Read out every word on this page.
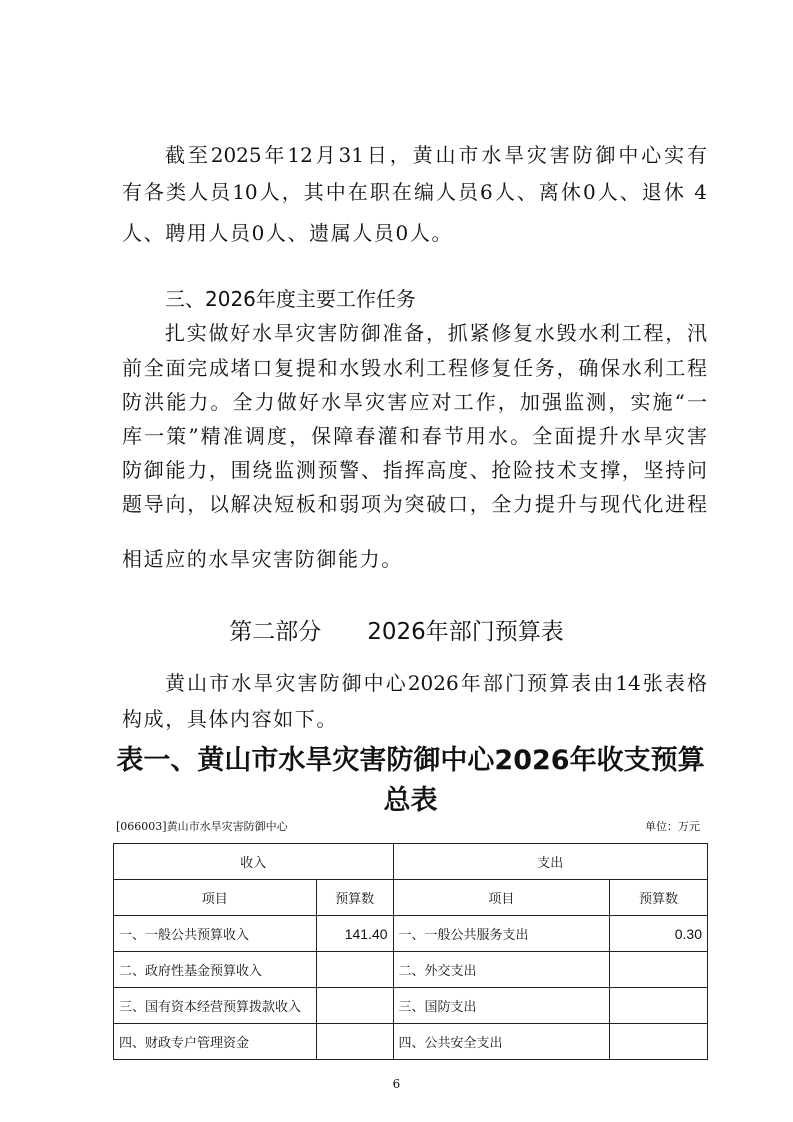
截至2025年12月31日，黄山市水旱灾害防御中心实有
有各类人员10人，其中在职在编人员6人、离休0人、退休 4
人、聘用人员0人、遗属人员0人。
三、2026年度主要工作任务
扎实做好水旱灾害防御准备，抓紧修复水毁水利工程，汛
前全面完成堵口复提和水毁水利工程修复任务，确保水利工程
防洪能力。全力做好水旱灾害应对工作，加强监测，实施“一
库一策”精准调度，保障春灌和春节用水。全面提升水旱灾害
防御能力，围绕监测预警、指挥高度、抢险技术支撑，坚持问
题导向，以解决短板和弱项为突破口，全力提升与现代化进程
相适应的水旱灾害防御能力。
第二部分　　2026年部门预算表
黄山市水旱灾害防御中心2026年部门预算表由14张表格
构成，具体内容如下。
表一、黄山市水旱灾害防御中心2026年收支预算
总表
[066003]黄山市水旱灾害防御中心	单位：万元
收入		支出	
项目	预算数	项目	预算数
一、一般公共预算收入	141.40	一、一般公共服务支出	0.30
二、政府性基金预算收入		二、外交支出	
三、国有资本经营预算拨款收入		三、国防支出	
四、财政专户管理资金		四、公共安全支出	
6
